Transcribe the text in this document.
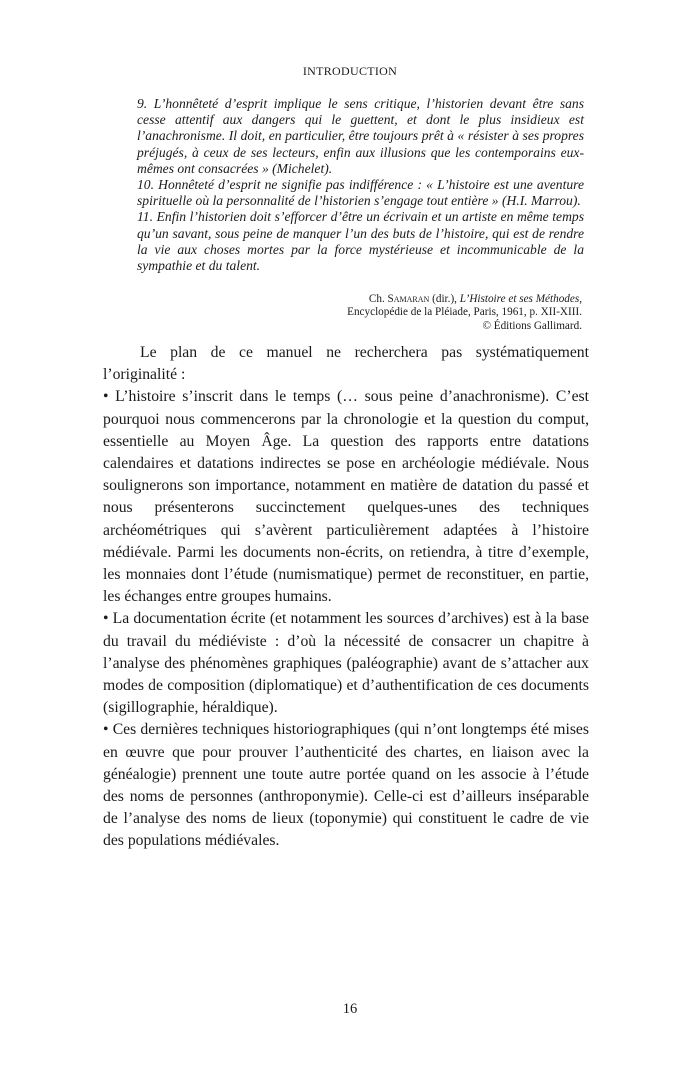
INTRODUCTION

9. L’honnêteté d’esprit implique le sens critique, l’historien devant être sans cesse attentif aux dangers qui le guettent, et dont le plus insidieux est l’anachronisme. Il doit, en particulier, être toujours prêt à « résister à ses propres préjugés, à ceux de ses lecteurs, enfin aux illusions que les contemporains eux-mêmes ont consacrées » (Michelet).

10. Honnêteté d’esprit ne signifie pas indifférence : « L’histoire est une aventure spirituelle où la personnalité de l’historien s’engage tout entière » (H.I. Marrou).

11. Enfin l’historien doit s’efforcer d’être un écrivain et un artiste en même temps qu’un savant, sous peine de manquer l’un des buts de l’histoire, qui est de rendre la vie aux choses mortes par la force mystérieuse et incommunicable de la sympathie et du talent.

Ch. Samaran (dir.), L’Histoire et ses Méthodes,
Encyclopédie de la Pléiade, Paris, 1961, p. XII-XIII.
© Éditions Gallimard.

Le plan de ce manuel ne recherchera pas systématiquement l’originalité :

• L’histoire s’inscrit dans le temps (… sous peine d’anachronisme). C’est pourquoi nous commencerons par la chronologie et la question du comput, essentielle au Moyen Âge. La question des rapports entre datations calendaires et datations indirectes se pose en archéologie médiévale. Nous soulignerons son importance, notamment en matière de datation du passé et nous présenterons succinctement quelques-unes des techniques archéométriques qui s’avèrent particulièrement adaptées à l’histoire médiévale. Parmi les documents non-écrits, on retiendra, à titre d’exemple, les monnaies dont l’étude (numismatique) permet de reconstituer, en partie, les échanges entre groupes humains.

• La documentation écrite (et notamment les sources d’archives) est à la base du travail du médiéviste : d’où la nécessité de consacrer un chapitre à l’analyse des phénomènes graphiques (paléographie) avant de s’attacher aux modes de composition (diplomatique) et d’authentification de ces documents (sigillographie, héraldique).

• Ces dernières techniques historiographiques (qui n’ont longtemps été mises en œuvre que pour prouver l’authenticité des chartes, en liaison avec la généalogie) prennent une toute autre portée quand on les associe à l’étude des noms de personnes (anthroponymie). Celle-ci est d’ailleurs inséparable de l’analyse des noms de lieux (toponymie) qui constituent le cadre de vie des populations médiévales.

16
